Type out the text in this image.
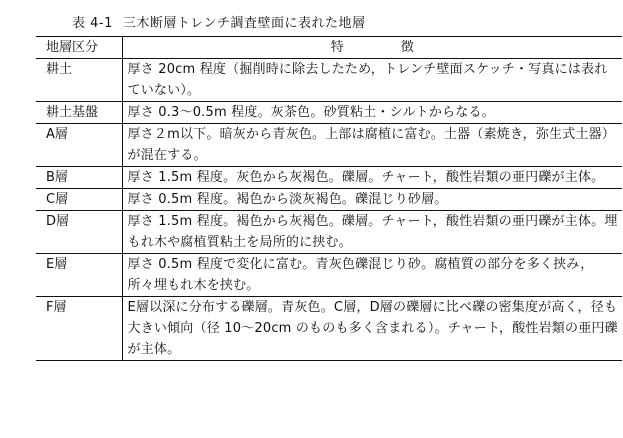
表 4-1 三木断層トレンチ調査壁面に表れた地層
地層区分	特　徴
耕土	厚さ 20cm 程度（掘削時に除去したため，トレンチ壁面スケッチ・写真には表れていない）。
耕土基盤	厚さ 0.3～0.5m 程度。灰茶色。砂質粘土・シルトからなる。
A層	厚さ２m以下。暗灰から青灰色。上部は腐植に富む。土器（素焼き，弥生式土器）が混在する。
B層	厚さ 1.5m 程度。灰色から灰褐色。礫層。チャート，酸性岩類の亜円礫が主体。
C層	厚さ 0.5m 程度。褐色から淡灰褐色。礫混じり砂層。
D層	厚さ 1.5m 程度。褐色から灰褐色。礫層。チャート，酸性岩類の亜円礫が主体。埋もれ木や腐植質粘土を局所的に挟む。
E層	厚さ 0.5m 程度で変化に富む。青灰色礫混じり砂。腐植質の部分を多く挟み，所々埋もれ木を挟む。
F層	E層以深に分布する礫層。青灰色。C層，D層の礫層に比べ礫の密集度が高く，径も大きい傾向（径 10～20cm のものも多く含まれる）。チャート，酸性岩類の亜円礫が主体。
